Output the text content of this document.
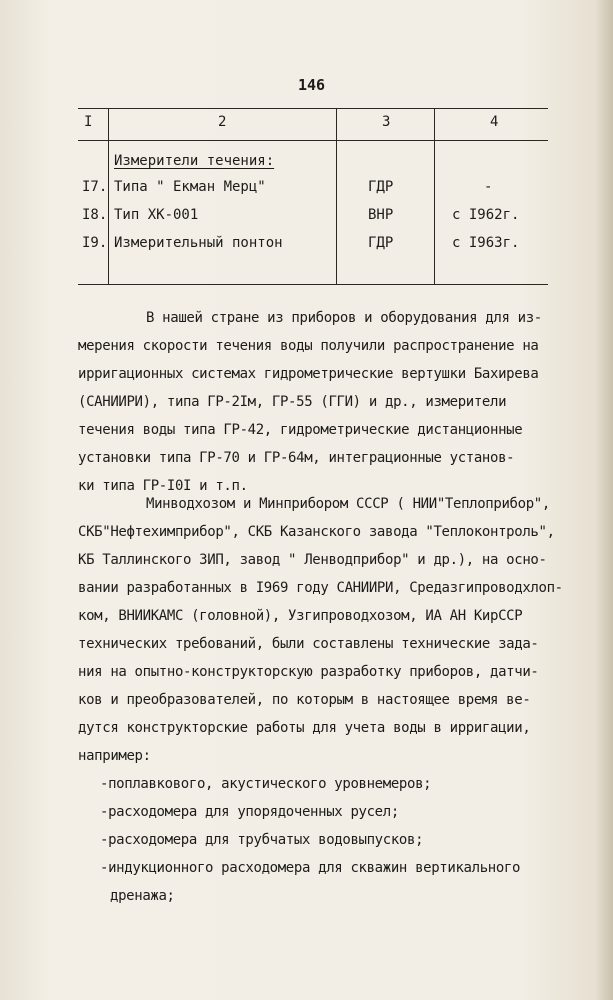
146
I	2	3	4
Измерители течения:
I7. Типа " Екман Мерц"	ГДР	-
I8. Тип ХК-001	ВНР	с I962г.
I9. Измерительный понтон	ГДР	с I963г.
В нашей стране из приборов и оборудования для из-
мерения скорости течения воды получили распространение на
ирригационных системах гидрометрические вертушки Бахирева
(САНИИРИ), типа ГР-2Iм, ГР-55 (ГГИ) и др., измерители
течения воды типа ГР-42, гидрометрические дистанционные
установки типа ГР-70 и ГР-64м, интеграционные установ-
ки типа ГР-I0I и т.п.
Минводхозом и Минприбором СССР ( НИИ"Теплоприбор",
СКБ"Нефтехимприбор", СКБ Казанского завода "Теплоконтроль",
КБ Таллинского ЗИП, завод " Ленводприбор" и др.), на осно-
вании разработанных в I969 году САНИИРИ, Средазгипроводхлоп-
ком, ВНИИКАМС (головной), Узгипроводхозом, ИА АН КирССР
технических требований, были составлены технические зада-
ния на опытно-конструкторскую разработку приборов, датчи-
ков и преобразователей, по которым в настоящее время ве-
дутся конструкторские работы для учета воды в ирригации,
например:
-поплавкового, акустического уровнемеров;
-расходомера для упорядоченных русел;
-расходомера для трубчатых водовыпусков;
-индукционного расходомера для скважин вертикального
дренажа;
